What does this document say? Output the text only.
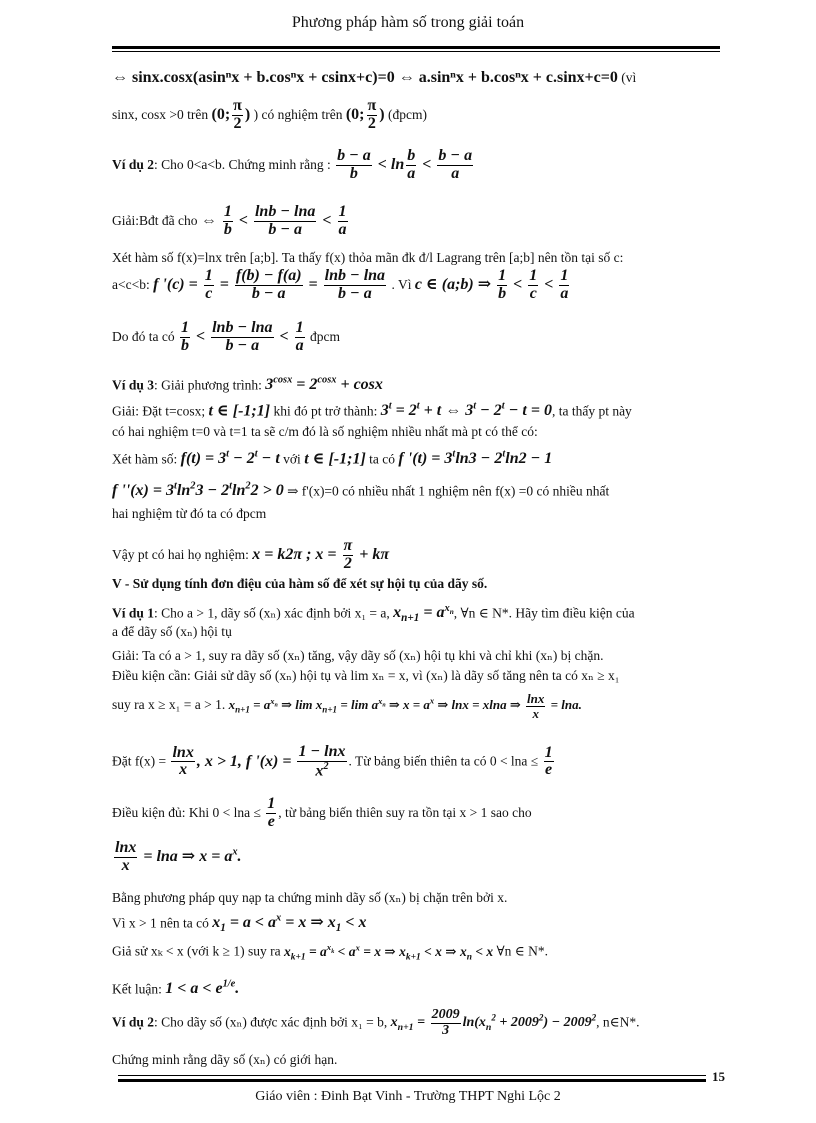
Phương pháp hàm số trong giải toán
⇔ sinx.cosx(asinⁿx + b.cosⁿx + csinx+c)=0 ⇔ a.sinⁿx + b.cosⁿx + c.sinx+c=0 (vì
sinx, cosx >0 trên (0; $\frac{\pi}{2}$ ) ) có nghiệm trên (0; $\frac{\pi}{2}$ ) (đpcm)
Ví dụ 2: Cho 0<a<b. Chứng minh rằng : $\frac{b - a}{b} < \ln \frac{b}{a} < \frac{b - a}{a}$
Giải:Bđt đã cho ⇔ $\frac{1}{b} < \frac{\ln b - \ln a}{b - a} < \frac{1}{a}$
Xét hàm số f(x)=lnx trên [a;b]. Ta thấy f(x) thỏa mãn đk đ/l Lagrang trên [a;b] nên tồn tại số c:
a<c<b: f '$(c) = \frac{1}{c} = \frac{f(b) - f(a)}{b - a} = \frac{\ln b - \ln a}{b - a}$ . Vì c ∈ (a;b) ⇒ $\frac{1}{b} < \frac{1}{c} < \frac{1}{a}$
Do đó ta có $\frac{1}{b} < \frac{\ln b - \ln a}{b - a} < \frac{1}{a}$ đpcm
Ví dụ 3: Giải phương trình: $3^{cosx} = 2^{cosx} + \cos x$
Giải: Đặt t=cosx; t ∈ [-1;1] khi đó pt trở thành: $3^t = 2^t + t$ ⇔ $3^t - 2^t - t = 0$, ta thấy pt này
có hai nghiệm t=0 và t=1 ta sẽ c/m đó là số nghiệm nhiều nhất mà pt có thể có:
Xét hàm số: $f(t) = 3^t - 2^t - t$ với t ∈ [-1;1] ta có f '$(t) = 3^t\ln 3 - 2^t\ln 2 - 1$
f ''$(x) = 3^t\ln^23 - 2^t\ln^22 > 0$ ⇒ f'(x)=0 có nhiều nhất 1 nghiệm nên f(x) =0 có nhiều nhất
hai nghiệm từ đó ta có đpcm
Vậy pt có hai họ nghiệm: x = k2π ; $x = \frac{\pi}{2} + k\pi$
V - Sử dụng tính đơn điệu của hàm số để xét sự hội tụ của dãy số.
Ví dụ 1: Cho a > 1, dãy số (xₙ) xác định bởi x₁ = a, $x_{n+1} = a^{x_n}$, ∀n ∈ N*. Hãy tìm điều kiện của
a để dãy số (xₙ) hội tụ
Giải: Ta có a > 1, suy ra dãy số (xₙ) tăng, vậy dãy số (xₙ) hội tụ khi và chỉ khi (xₙ) bị chặn.
Điều kiện cần: Giải sử dãy số (xₙ) hội tụ và lim xₙ = x, vì (xₙ) là dãy số tăng nên ta có xₙ ≥ x₁
suy ra x ≥ x₁ = a > 1. $x_{n+1} = a^{x_n}$ ⇒ $\lim x_{n+1} = \lim a^{x_n}$ ⇒ $x = a^x$ ⇒ lnx = xlna ⇒ $\frac{\ln x}{x} = \ln a$.
Đặt $f(x) = \frac{\ln x}{x}$ , x > 1, f '$(x) = \frac{1 - \ln x}{x^2}$ . Từ bảng biến thiên ta có $0 < \ln a \le \frac{1}{e}$
Điều kiện đủ: Khi $0 < \ln a \le \frac{1}{e}$ , từ bảng biến thiên suy ra tồn tại x > 1 sao cho
$\frac{\ln x}{x} = \ln a$ ⇒ $x = a^x$.
Bằng phương pháp quy nạp ta chứng minh dãy số (xₙ) bị chặn trên bởi x.
Vì x > 1 nên ta có $x_1 = a < a^x = x$ ⇒ $x_1 < x$
Giả sử xₖ < x (với k ≥ 1) suy ra $x_{k+1} = a^{x_k} < a^x = x$ ⇒ $x_{k+1} < x$ ⇒ $x_n < x$ ∀n ∈ N*.
Kết luận: $1 < a < e^{1/e}$.
Ví dụ 2: Cho dãy số (xₙ) được xác định bởi x₁ = b, $x_{n+1} = \frac{2009}{3} \ln(x_n^2 + 2009^2) - 2009^2$, n∈N*.
Chứng minh rằng dãy số (xₙ) có giới hạn.
15
Giáo viên : Đinh Bạt Vinh - Trường THPT Nghi Lộc 2
